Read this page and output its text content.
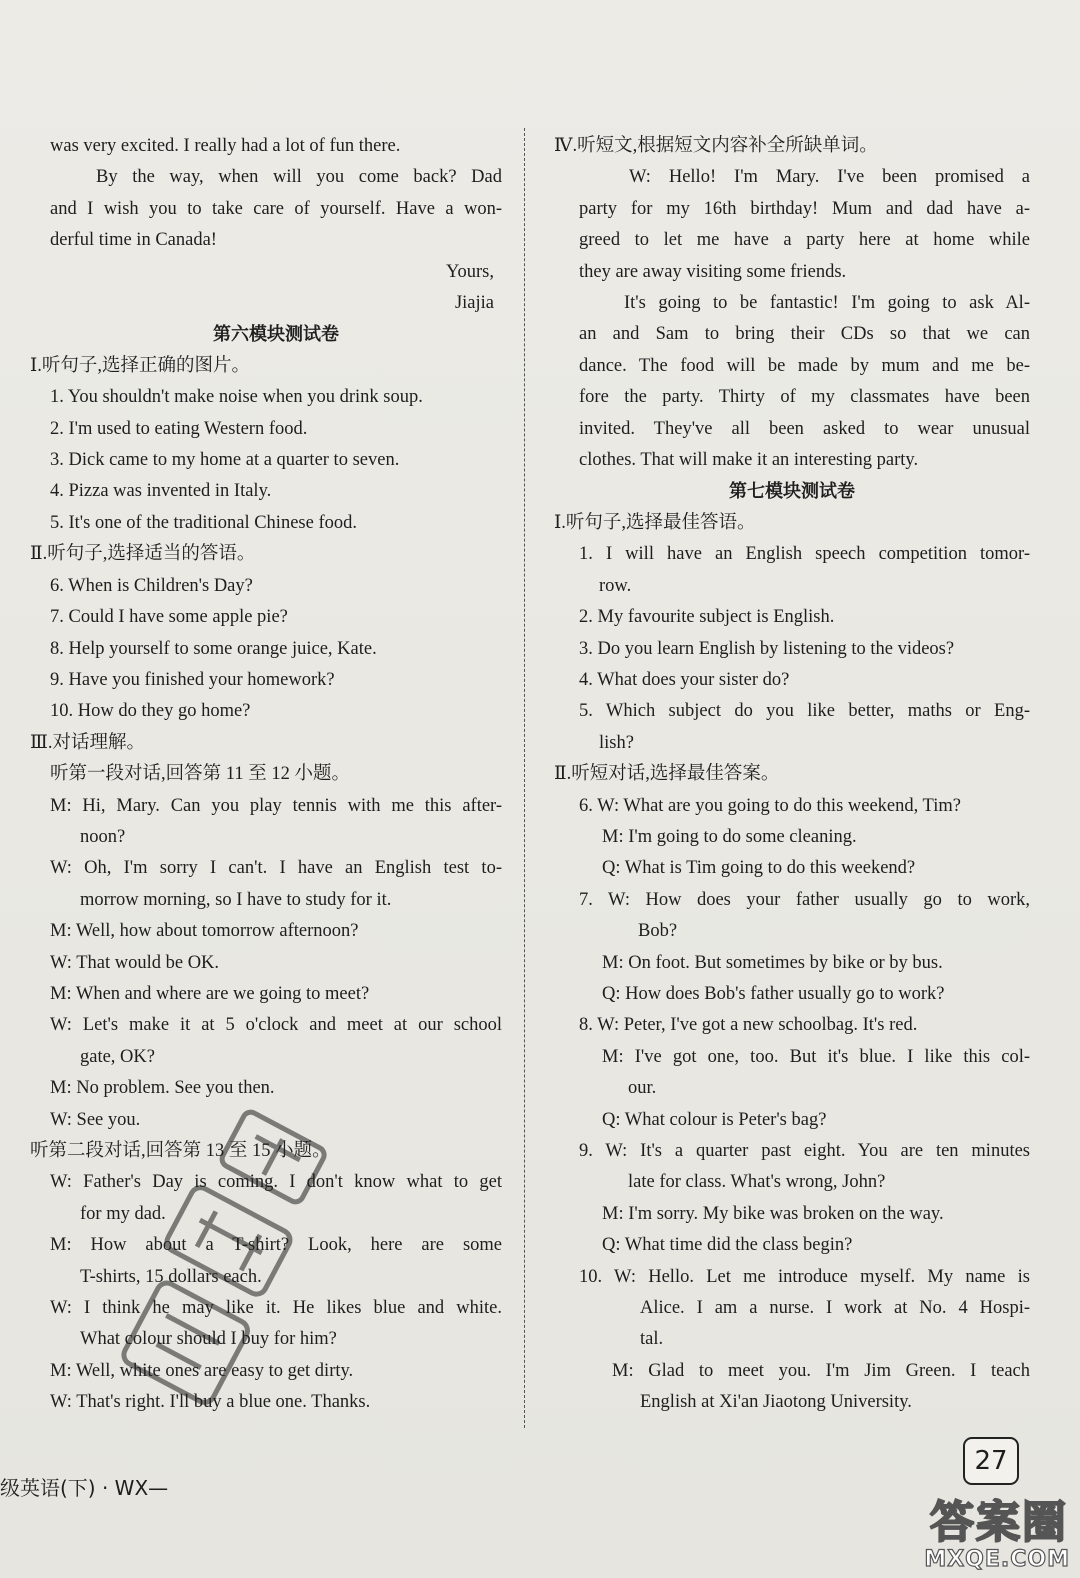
was very excited. I really had a lot of fun there.
By the way, when will you come back? Dad
and I wish you to take care of yourself. Have a won-
derful time in Canada!
Yours,
Jiajia
第六模块测试卷
Ⅰ.听句子,选择正确的图片。
1. You shouldn't make noise when you drink soup.
2. I'm used to eating Western food.
3. Dick came to my home at a quarter to seven.
4. Pizza was invented in Italy.
5. It's one of the traditional Chinese food.
Ⅱ.听句子,选择适当的答语。
6. When is Children's Day?
7. Could I have some apple pie?
8. Help yourself to some orange juice, Kate.
9. Have you finished your homework?
10. How do they go home?
Ⅲ.对话理解。
听第一段对话,回答第 11 至 12 小题。
M: Hi, Mary. Can you play tennis with me this after-
noon?
W: Oh, I'm sorry I can't. I have an English test to-
morrow morning, so I have to study for it.
M: Well, how about tomorrow afternoon?
W: That would be OK.
M: When and where are we going to meet?
W: Let's make it at 5 o'clock and meet at our school
gate, OK?
M: No problem. See you then.
W: See you.
听第二段对话,回答第 13 至 15 小题。
W: Father's Day is coming. I don't know what to get
for my dad.
M: How about a T-shirt? Look, here are some
T-shirts, 15 dollars each.
W: I think he may like it. He likes blue and white.
What colour should I buy for him?
M: Well, white ones are easy to get dirty.
W: That's right. I'll buy a blue one. Thanks.
Ⅳ.听短文,根据短文内容补全所缺单词。
W: Hello! I'm Mary. I've been promised a
party for my 16th birthday! Mum and dad have a-
greed to let me have a party here at home while
they are away visiting some friends.
It's going to be fantastic! I'm going to ask Al-
an and Sam to bring their CDs so that we can
dance. The food will be made by mum and me be-
fore the party. Thirty of my classmates have been
invited. They've all been asked to wear unusual
clothes. That will make it an interesting party.
第七模块测试卷
Ⅰ.听句子,选择最佳答语。
1. I will have an English speech competition tomor-
row.
2. My favourite subject is English.
3. Do you learn English by listening to the videos?
4. What does your sister do?
5. Which subject do you like better, maths or Eng-
lish?
Ⅱ.听短对话,选择最佳答案。
6. W: What are you going to do this weekend, Tim?
M: I'm going to do some cleaning.
Q: What is Tim going to do this weekend?
7. W: How does your father usually go to work,
Bob?
M: On foot. But sometimes by bike or by bus.
Q: How does Bob's father usually go to work?
8. W: Peter, I've got a new schoolbag. It's red.
M: I've got one, too. But it's blue. I like this col-
our.
Q: What colour is Peter's bag?
9. W: It's a quarter past eight. You are ten minutes
late for class. What's wrong, John?
M: I'm sorry. My bike was broken on the way.
Q: What time did the class begin?
10. W: Hello. Let me introduce myself. My name is
Alice. I am a nurse. I work at No. 4 Hospi-
tal.
M: Glad to meet you. I'm Jim Green. I teach
English at Xi'an Jiaotong University.
级英语(下) · WX—
27
答案圈
MXQE.COM
